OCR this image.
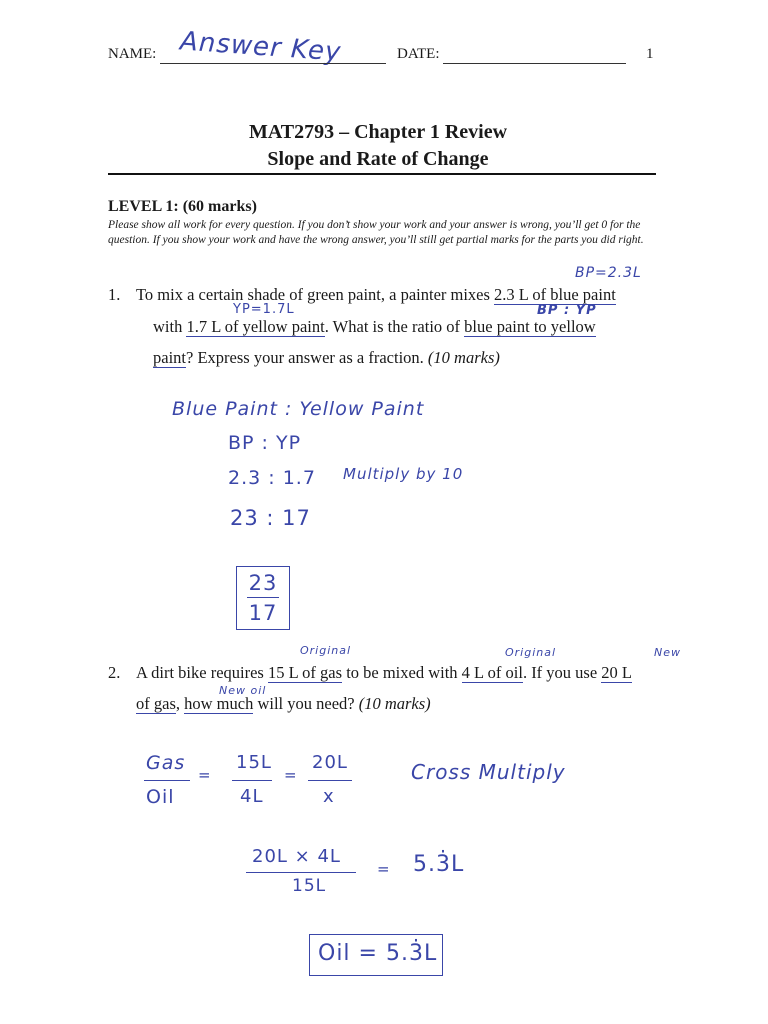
NAME: Answer Key	DATE:	1
MAT2793 – Chapter 1 Review
Slope and Rate of Change
LEVEL 1: (60 marks)
Please show all work for every question. If you don’t show your work and your answer is wrong, you’ll get 0 for the question. If you show your work and have the wrong answer, you’ll still get partial marks for the parts you did right.
BP=2.3L
YP=1.7L	BP : YP
1. To mix a certain shade of green paint, a painter mixes 2.3 L of blue paint
with 1.7 L of yellow paint. What is the ratio of blue paint to yellow
paint? Express your answer as a fraction. (10 marks)
Blue Paint : Yellow Paint
BP : YP
2.3 : 1.7 Multiply by 10
23 : 17
23
17
Original	Original	New
New oil
2. A dirt bike requires 15 L of gas to be mixed with 4 L of oil. If you use 20 L
of gas, how much will you need? (10 marks)
Gas
Oil
=
15L
4L
=
20L
x
Cross Multiply
20L × 4L
15L
= 5.3̇L
Oil = 5.3̇L
